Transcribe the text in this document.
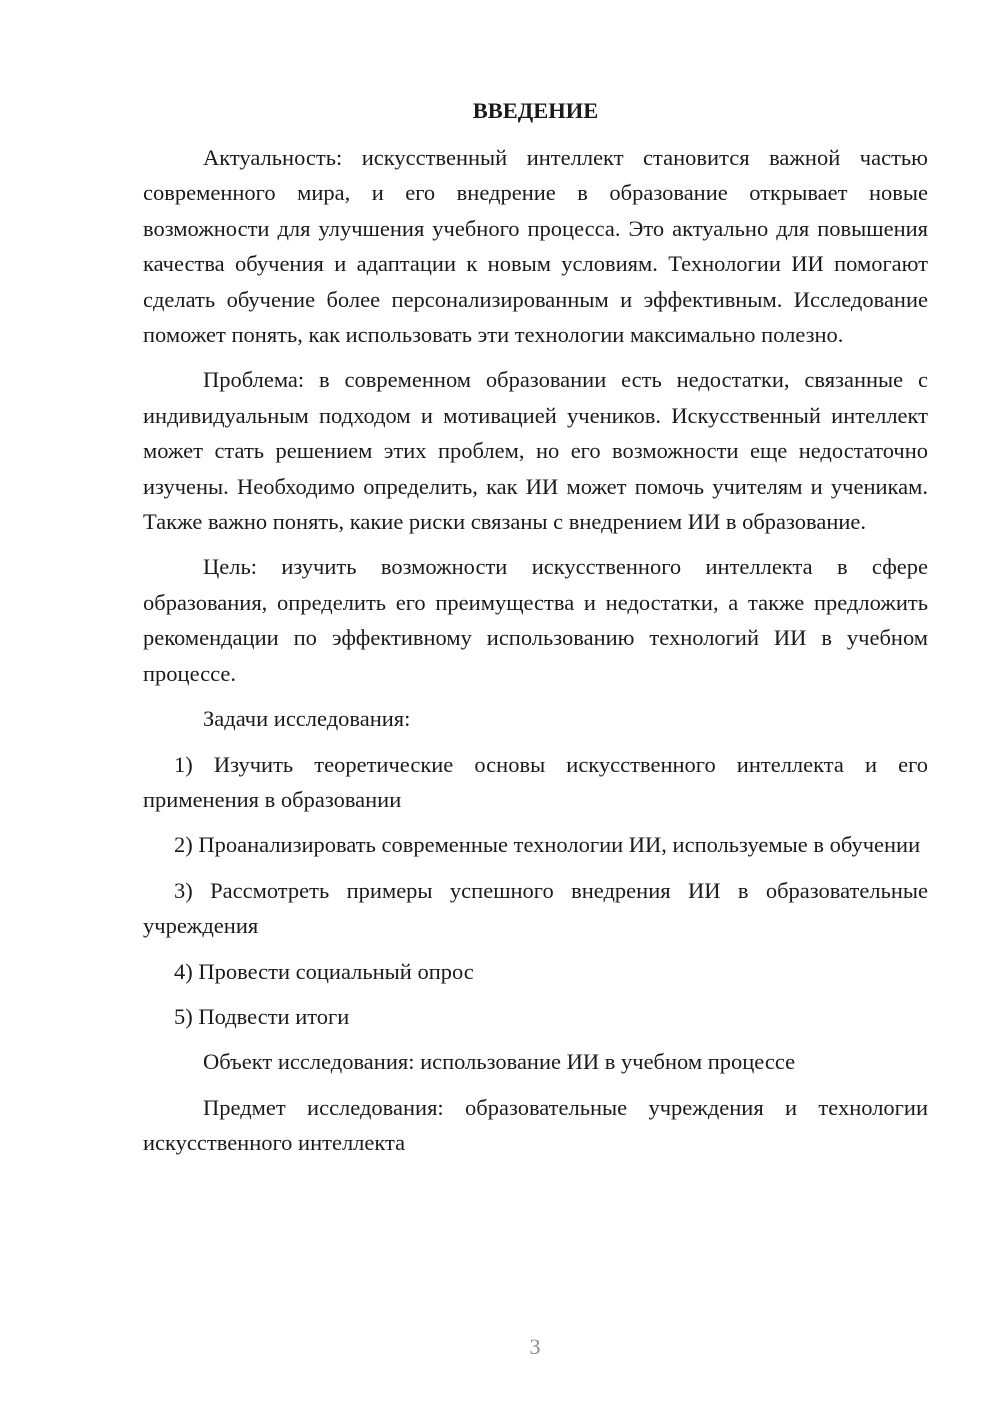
ВВЕДЕНИЕ

Актуальность: искусственный интеллект становится важной частью современного мира, и его внедрение в образование открывает новые возможности для улучшения учебного процесса. Это актуально для повышения качества обучения и адаптации к новым условиям. Технологии ИИ помогают сделать обучение более персонализированным и эффективным. Исследование поможет понять, как использовать эти технологии максимально полезно.

Проблема: в современном образовании есть недостатки, связанные с индивидуальным подходом и мотивацией учеников. Искусственный интеллект может стать решением этих проблем, но его возможности еще недостаточно изучены. Необходимо определить, как ИИ может помочь учителям и ученикам. Также важно понять, какие риски связаны с внедрением ИИ в образование.

Цель: изучить возможности искусственного интеллекта в сфере образования, определить его преимущества и недостатки, а также предложить рекомендации по эффективному использованию технологий ИИ в учебном процессе.

Задачи исследования:

1) Изучить теоретические основы искусственного интеллекта и его применения в образовании

2) Проанализировать современные технологии ИИ, используемые в обучении

3) Рассмотреть примеры успешного внедрения ИИ в образовательные учреждения

4) Провести социальный опрос

5) Подвести итоги

Объект исследования: использование ИИ в учебном процессе

Предмет исследования: образовательные учреждения и технологии искусственного интеллекта

3
